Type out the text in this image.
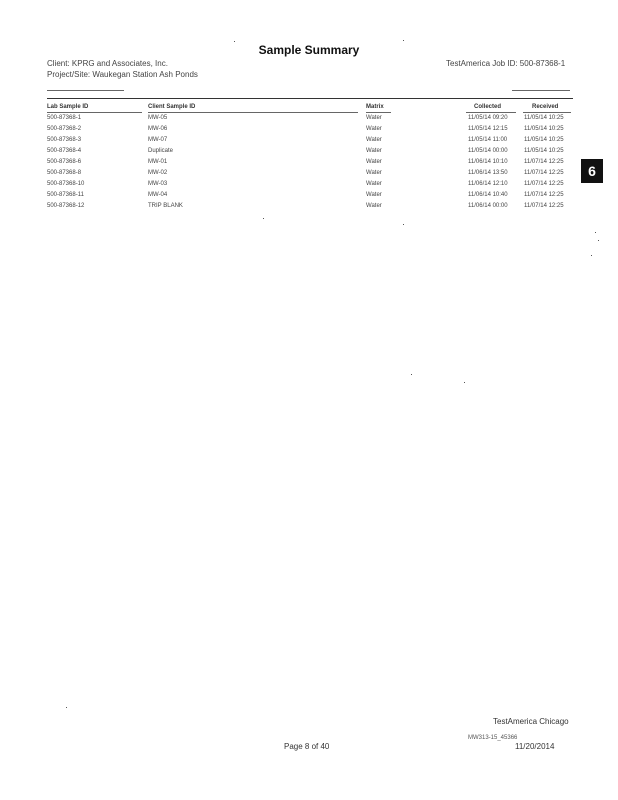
Sample Summary
Client: KPRG and Associates, Inc.
Project/Site: Waukegan Station Ash Ponds
TestAmerica Job ID: 500-87368-1
Lab Sample ID	Client Sample ID	Matrix	Collected	Received
500-87368-1	MW-05	Water	11/05/14 09:20	11/05/14 10:25
500-87368-2	MW-06	Water	11/05/14 12:15	11/05/14 10:25
500-87368-3	MW-07	Water	11/05/14 11:00	11/05/14 10:25
500-87368-4	Duplicate	Water	11/05/14 00:00	11/05/14 10:25
500-87368-6	MW-01	Water	11/06/14 10:10	11/07/14 12:25
500-87368-8	MW-02	Water	11/06/14 13:50	11/07/14 12:25
500-87368-10	MW-03	Water	11/06/14 12:10	11/07/14 12:25
500-87368-11	MW-04	Water	11/06/14 10:40	11/07/14 12:25
500-87368-12	TRIP BLANK	Water	11/06/14 00:00	11/07/14 12:25
6
TestAmerica Chicago
MW313-15_45366
Page 8 of 40	11/20/2014
